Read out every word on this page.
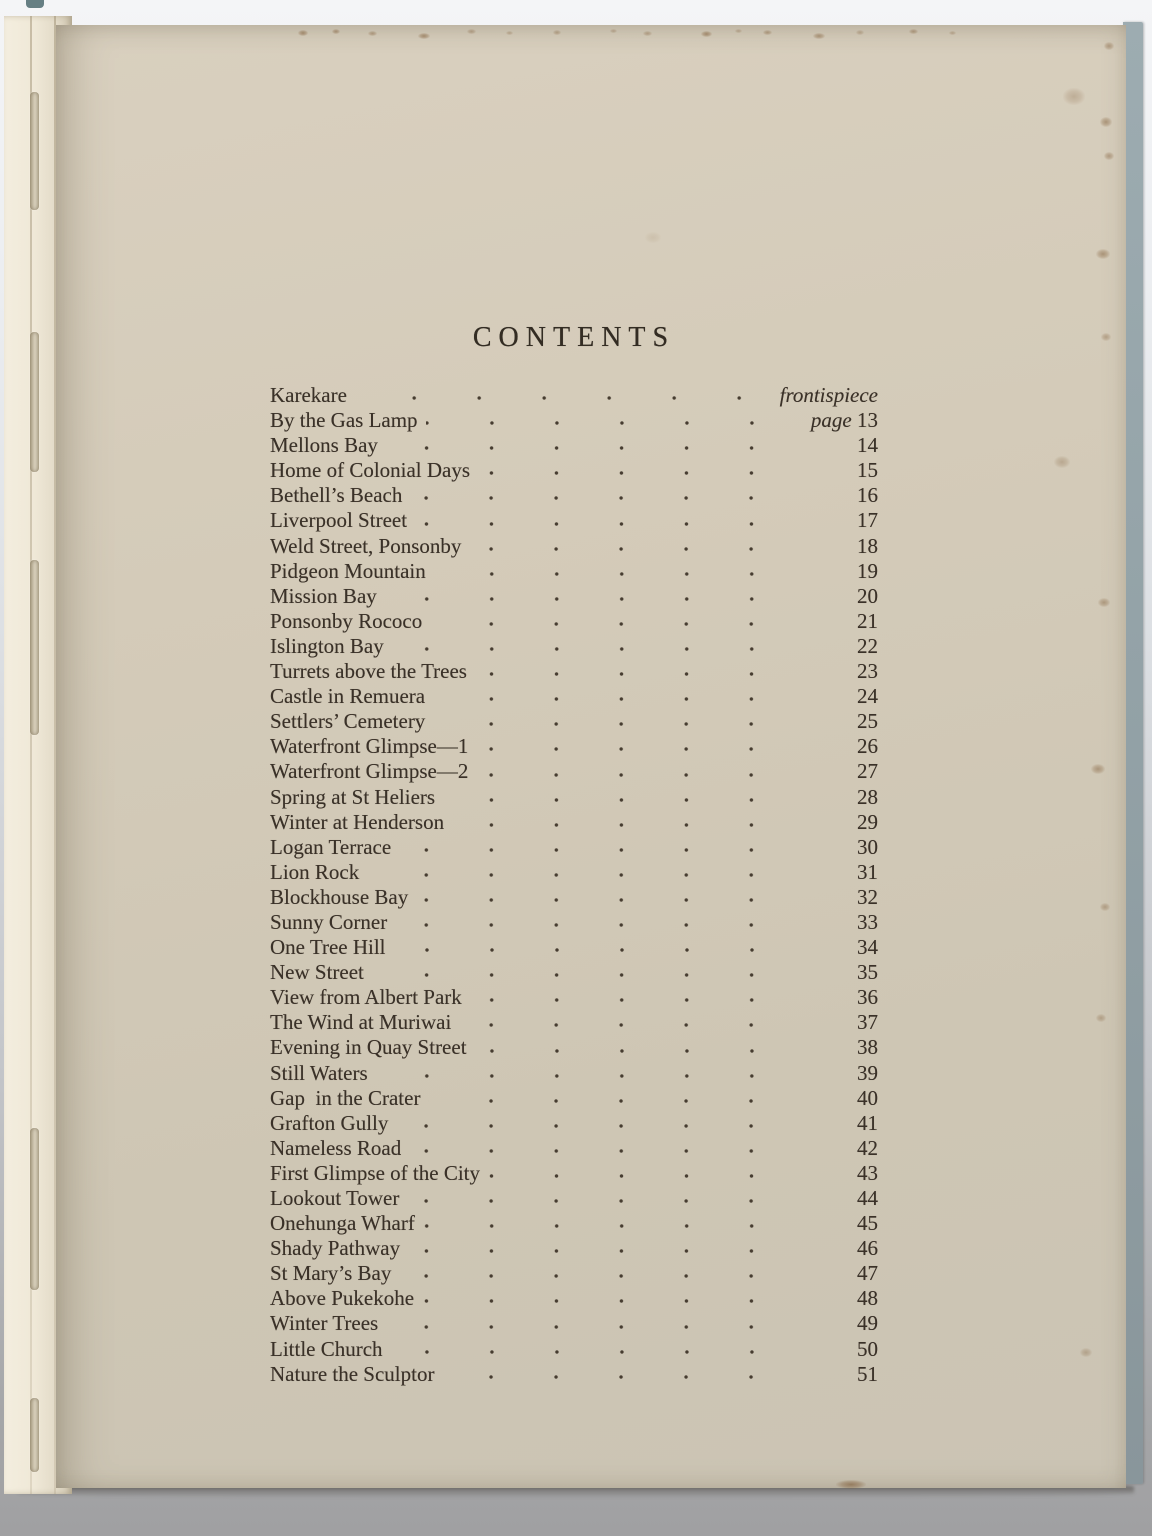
CONTENTS
Karekare	frontispiece
By the Gas Lamp	page 13
Mellons Bay	14
Home of Colonial Days	15
Bethell’s Beach	16
Liverpool Street	17
Weld Street, Ponsonby	18
Pidgeon Mountain	19
Mission Bay	20
Ponsonby Rococo	21
Islington Bay	22
Turrets above the Trees	23
Castle in Remuera	24
Settlers’ Cemetery	25
Waterfront Glimpse—1	26
Waterfront Glimpse—2	27
Spring at St Heliers	28
Winter at Henderson	29
Logan Terrace	30
Lion Rock	31
Blockhouse Bay	32
Sunny Corner	33
One Tree Hill	34
New Street	35
View from Albert Park	36
The Wind at Muriwai	37
Evening in Quay Street	38
Still Waters	39
Gap  in the Crater	40
Grafton Gully	41
Nameless Road	42
First Glimpse of the City	43
Lookout Tower	44
Onehunga Wharf	45
Shady Pathway	46
St Mary’s Bay	47
Above Pukekohe	48
Winter Trees	49
Little Church	50
Nature the Sculptor	51
